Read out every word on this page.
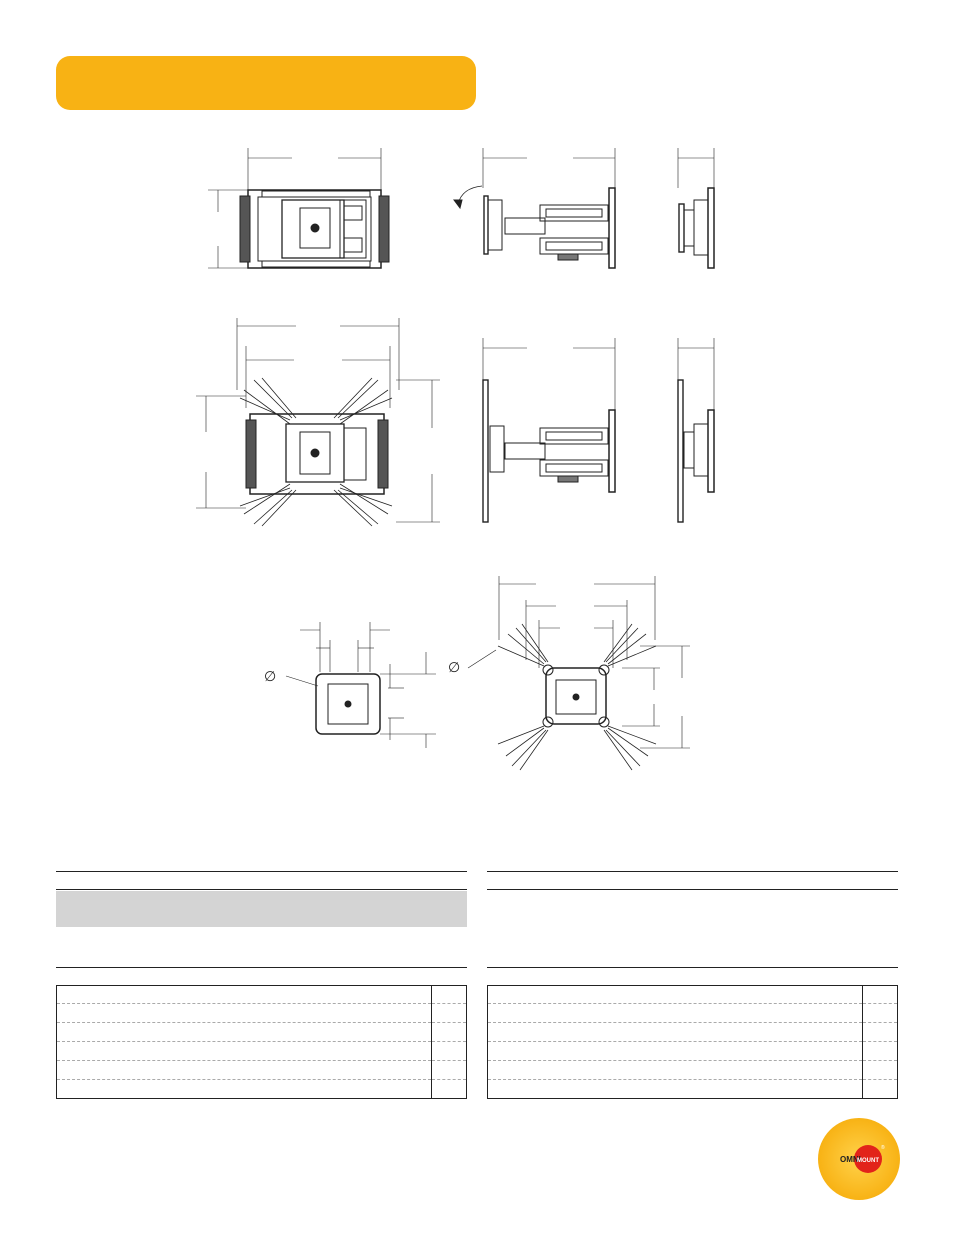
∅
∅

OMNI
MOUNT
®
